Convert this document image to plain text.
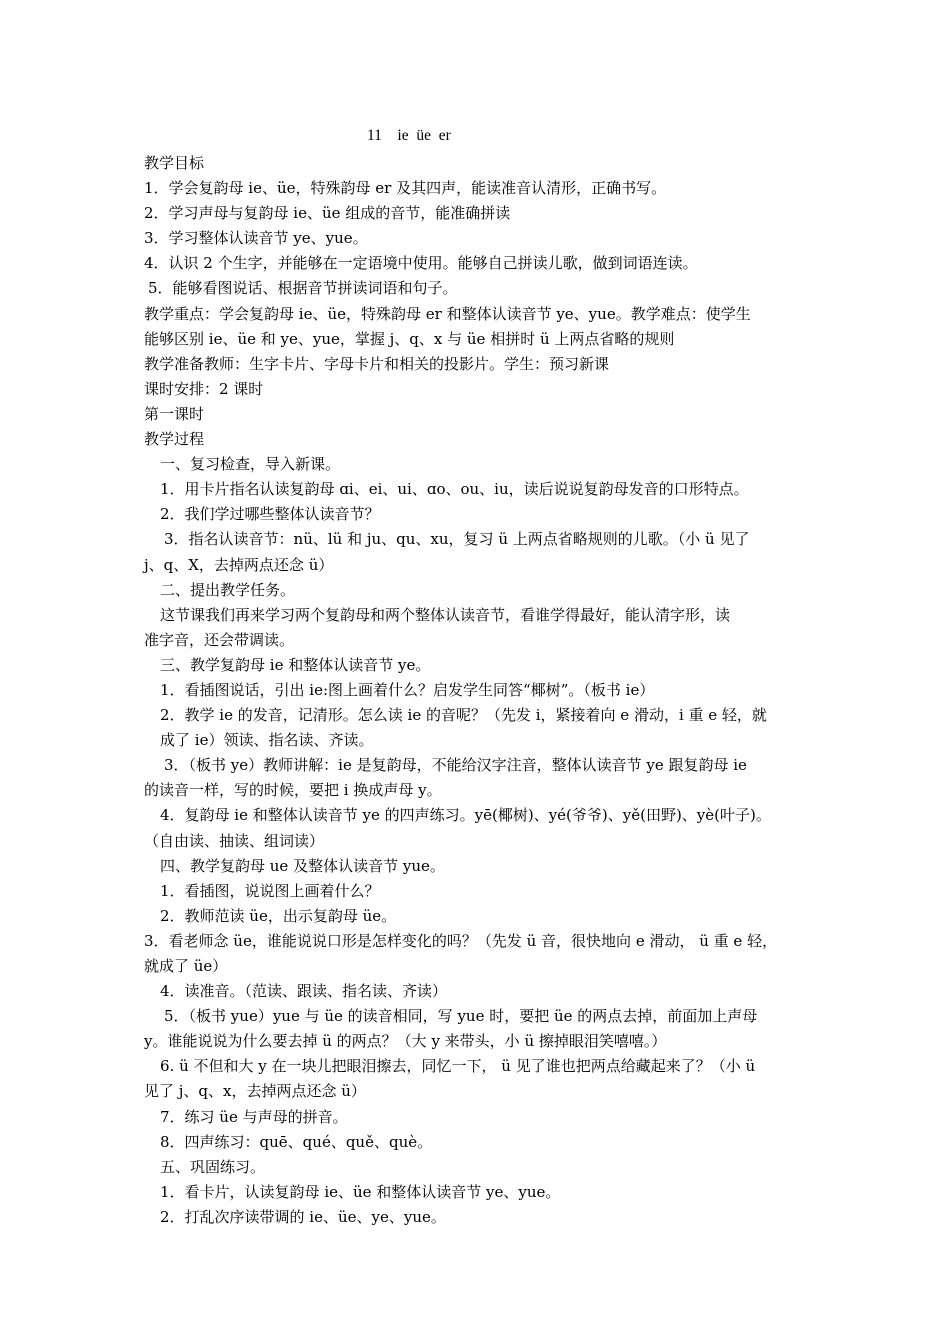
11    ie  üe  er
教学目标
1．学会复韵母 ie、üe，特殊韵母 er 及其四声，能读准音认清形，正确书写。
2．学习声母与复韵母 ie、üe 组成的音节，能准确拼读
3．学习整体认读音节 ye、yue。
4．认识 2 个生字，并能够在一定语境中使用。能够自己拼读儿歌，做到词语连读。
5．能够看图说话、根据音节拼读词语和句子。
教学重点：学会复韵母 ie、üe，特殊韵母 er 和整体认读音节 ye、yue。教学难点：使学生
能够区别 ie、üe 和 ye、yue，掌握 j、q、x 与 üe 相拼时 ü 上两点省略的规则
教学准备教师：生字卡片、字母卡片和相关的投影片。学生：预习新课
课时安排：2 课时
第一课时
教学过程
一、复习检查，导入新课。
1．用卡片指名认读复韵母 ɑi、ei、ui、ɑo、ou、iu，读后说说复韵母发音的口形特点。
2．我们学过哪些整体认读音节？
3．指名认读音节：nü、lü 和 ju、qu、xu，复习 ü 上两点省略规则的儿歌。（小 ü 见了
j、q、X，去掉两点还念 ü）
二、提出教学任务。
这节课我们再来学习两个复韵母和两个整体认读音节，看谁学得最好，能认清字形，读
准字音，还会带调读。
三、教学复韵母 ie 和整体认读音节 ye。
1．看插图说话，引出 ie:图上画着什么？启发学生同答“椰树”。（板书 ie）
2．教学 ie 的发音，记清形。怎么读 ie 的音呢？（先发 i，紧接着向 e 滑动，i 重 e 轻，就
成了 ie）领读、指名读、齐读。
3．（板书 ye）教师讲解：ie 是复韵母，不能给汉字注音，整体认读音节 ye 跟复韵母 ie
的读音一样，写的时候，要把 i 换成声母 y。
4．复韵母 ie 和整体认读音节 ye 的四声练习。yē(椰树)、yé(爷爷)、yě(田野)、yè(叶子)。
（自由读、抽读、组词读）
四、教学复韵母 ue 及整体认读音节 yue。
1．看插图，说说图上画着什么？
2．教师范读 üe，出示复韵母 üe。
3．看老师念 üe，谁能说说口形是怎样变化的吗？（先发 ü 音，很快地向 e 滑动， ü 重 e 轻，
就成了 üe）
4．读准音。（范读、跟读、指名读、齐读）
5．（板书 yue）yue 与 üe 的读音相同，写 yue 时，要把 üe 的两点去掉，前面加上声母
y。谁能说说为什么要去掉 ü 的两点？（大 y 来带头，小 ü 擦掉眼泪笑嘻嘻。）
6. ü 不但和大 y 在一块儿把眼泪擦去，同忆一下， ü 见了谁也把两点给藏起来了？（小 ü
见了 j、q、x，去掉两点还念 ü）
7．练习 üe 与声母的拼音。
8．四声练习：quē、qué、quě、què。
五、巩固练习。
1．看卡片，认读复韵母 ie、üe 和整体认读音节 ye、yue。
2．打乱次序读带调的 ie、üe、ye、yue。
